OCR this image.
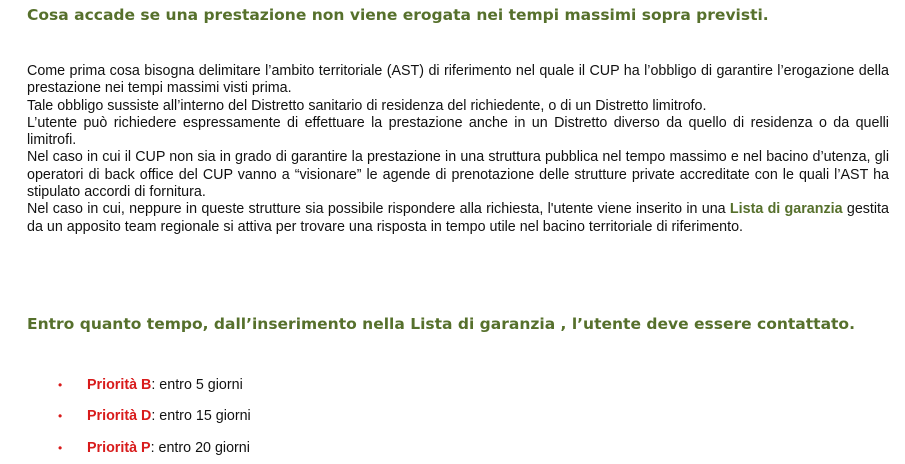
Cosa accade se una prestazione non viene erogata nei tempi massimi sopra previsti.

Come prima cosa bisogna delimitare l’ambito territoriale (AST) di riferimento nel quale il CUP ha l’obbligo di garantire l’erogazione della prestazione nei tempi massimi visti prima.

Tale obbligo sussiste all’interno del Distretto sanitario di residenza del richiedente, o di un Distretto limitrofo.

L’utente può richiedere espressamente di effettuare la prestazione anche in un Distretto diverso da quello di residenza o da quelli limitrofi.

Nel caso in cui il CUP non sia in grado di garantire la prestazione in una struttura pubblica nel tempo massimo e nel bacino d’utenza, gli operatori di back office del CUP vanno a “visionare” le agende di prenotazione delle strutture private accreditate con le quali l’AST ha stipulato accordi di fornitura.

Nel caso in cui, neppure in queste strutture sia possibile rispondere alla richiesta, l'utente viene inserito in una Lista di garanzia gestita da un apposito team regionale si attiva per trovare una risposta in tempo utile nel bacino territoriale di riferimento.

Entro quanto tempo, dall’inserimento nella Lista di garanzia , l’utente deve essere contattato.
•	Priorità B : entro 5 giorni
•	Priorità D : entro 15 giorni
•	Priorità P : entro 20 giorni
